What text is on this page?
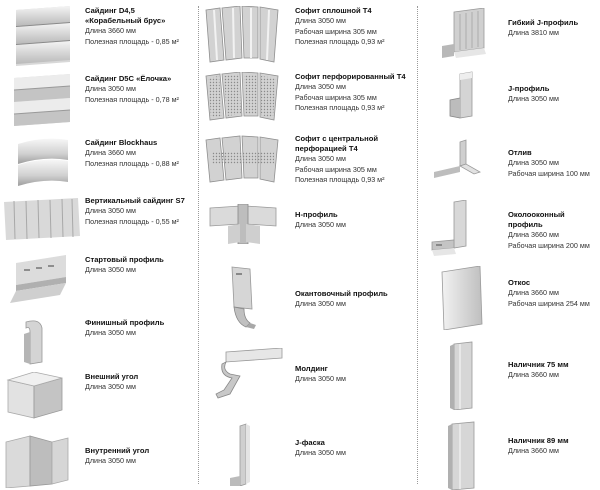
Сайдинг D4,5
«Корабельный брус»
Длина 3660 мм
Полезная площадь - 0,85 м²
Сайдинг D5C «Ёлочка»
Длина 3050 мм
Полезная площадь - 0,78 м²
Сайдинг Blockhaus
Длина 3660 мм
Полезная площадь - 0,88 м²
Вертикальный сайдинг S7
Длина 3050 мм
Полезная площадь - 0,55 м²
Стартовый профиль
Длина 3050 мм
Финишный профиль
Длина 3050 мм
Внешний угол
Длина 3050 мм
Внутренний угол
Длина 3050 мм
Софит сплошной Т4
Длина 3050 мм
Рабочая ширина 305 мм
Полезная площадь 0,93 м²
Софит перфорированный Т4
Длина 3050 мм
Рабочая ширина 305 мм
Полезная площадь 0,93 м²
Софит с центральной
перфорацией Т4
Длина 3050 мм
Рабочая ширина 305 мм
Полезная площадь 0,93 м²
Н-профиль
Длина 3050 мм
Окантовочный профиль
Длина 3050 мм
Молдинг
Длина 3050 мм
J-фаска
Длина 3050 мм
Гибкий J-профиль
Длина 3810 мм
J-профиль
Длина 3050 мм
Отлив
Длина 3050 мм
Рабочая ширина 100 мм
Околооконный
профиль
Длина 3660 мм
Рабочая ширина 200 мм
Откос
Длина 3660 мм
Рабочая ширина 254 мм
Наличник 75 мм
Длина 3660 мм
Наличник 89 мм
Длина 3660 мм
